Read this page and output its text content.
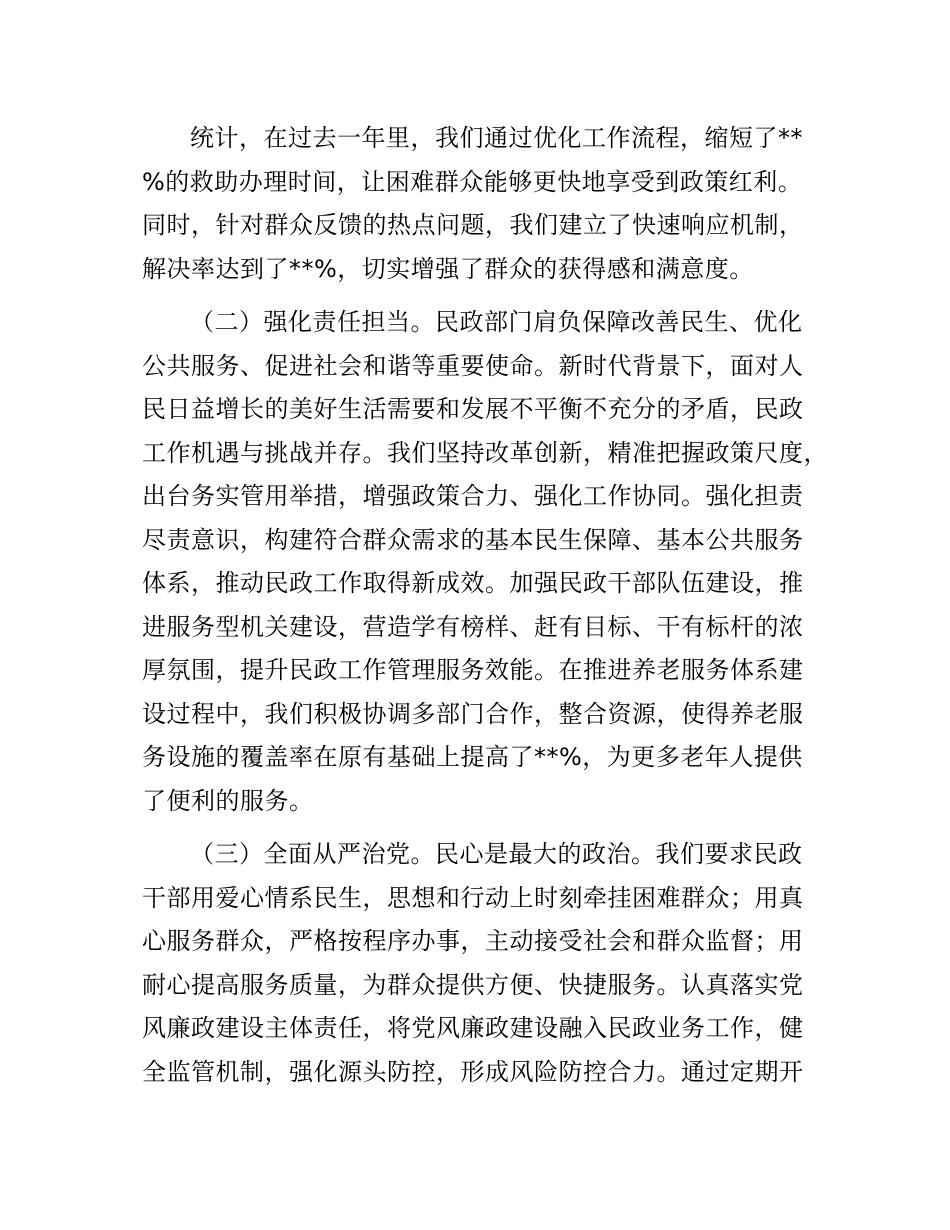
统计，在过去一年里，我们通过优化工作流程，缩短了**
%的救助办理时间，让困难群众能够更快地享受到政策红利。
同时，针对群众反馈的热点问题，我们建立了快速响应机制，
解决率达到了**%，切实增强了群众的获得感和满意度。
（二）强化责任担当。民政部门肩负保障改善民生、优化
公共服务、促进社会和谐等重要使命。新时代背景下，面对人
民日益增长的美好生活需要和发展不平衡不充分的矛盾，民政
工作机遇与挑战并存。我们坚持改革创新，精准把握政策尺度，
出台务实管用举措，增强政策合力、强化工作协同。强化担责
尽责意识，构建符合群众需求的基本民生保障、基本公共服务
体系，推动民政工作取得新成效。加强民政干部队伍建设，推
进服务型机关建设，营造学有榜样、赶有目标、干有标杆的浓
厚氛围，提升民政工作管理服务效能。在推进养老服务体系建
设过程中，我们积极协调多部门合作，整合资源，使得养老服
务设施的覆盖率在原有基础上提高了**%，为更多老年人提供
了便利的服务。
（三）全面从严治党。民心是最大的政治。我们要求民政
干部用爱心情系民生，思想和行动上时刻牵挂困难群众；用真
心服务群众，严格按程序办事，主动接受社会和群众监督；用
耐心提高服务质量，为群众提供方便、快捷服务。认真落实党
风廉政建设主体责任，将党风廉政建设融入民政业务工作，健
全监管机制，强化源头防控，形成风险防控合力。通过定期开
